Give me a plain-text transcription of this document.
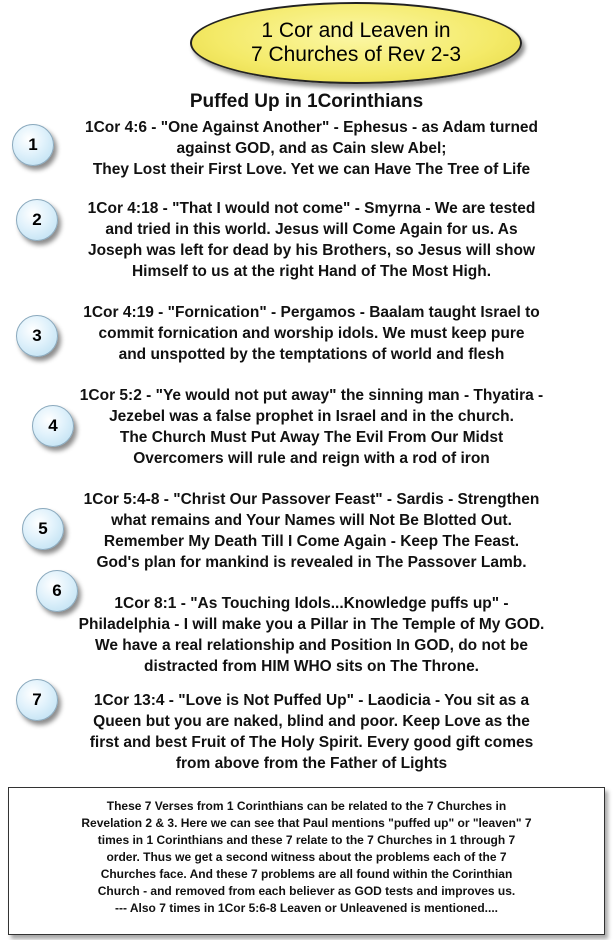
1 Cor and Leaven in
7 Churches of Rev 2-3
Puffed Up in 1Corinthians
1
1Cor 4:6 - "One Against Another" - Ephesus - as Adam turned
against GOD, and as Cain slew Abel;
They Lost their First Love. Yet we can Have The Tree of Life
2
1Cor 4:18 - "That I would not come" - Smyrna - We are tested
and tried in this world. Jesus will Come Again for us. As
Joseph was left for dead by his Brothers, so Jesus will show
Himself to us at the right Hand of The Most High.
3
1Cor 4:19 - "Fornication" - Pergamos - Baalam taught Israel to
commit fornication and worship idols. We must keep pure
and unspotted by the temptations of world and flesh
4
1Cor 5:2 - "Ye would not put away" the sinning man - Thyatira -
Jezebel was a false prophet in Israel and in the church.
The Church Must Put Away The Evil From Our Midst
Overcomers will rule and reign with a rod of iron
5
1Cor 5:4-8 - "Christ Our Passover Feast" - Sardis - Strengthen
what remains and Your Names will Not Be Blotted Out.
Remember My Death Till I Come Again - Keep The Feast.
God's plan for mankind is revealed in The Passover Lamb.
6
1Cor 8:1 - "As Touching Idols...Knowledge puffs up" -
Philadelphia - I will make you a Pillar in The Temple of My GOD.
We have a real relationship and Position In GOD, do not be
distracted from HIM WHO sits on The Throne.
7	1Cor 13:4 - "Love is Not Puffed Up" - Laodicia - You sit as a
Queen but you are naked, blind and poor. Keep Love as the
first and best Fruit of The Holy Spirit. Every good gift comes
from above from the Father of Lights
These 7 Verses from 1 Corinthians can be related to the 7 Churches in
Revelation 2 & 3. Here we can see that Paul mentions "puffed up" or "leaven" 7
times in 1 Corinthians and these 7 relate to the 7 Churches in 1 through 7
order. Thus we get a second witness about the problems each of the 7
Churches face. And these 7 problems are all found within the Corinthian
Church - and removed from each believer as GOD tests and improves us.
--- Also 7 times in 1Cor 5:6-8 Leaven or Unleavened is mentioned....
